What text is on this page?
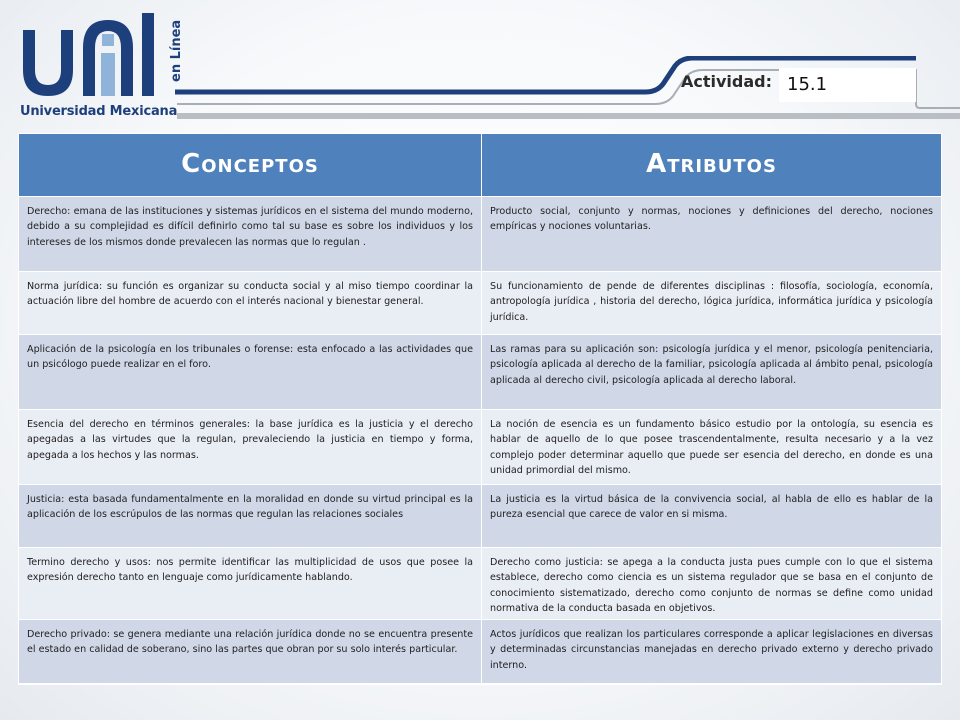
Universidad Mexicana
en Línea	Actividad: 15.1
Conceptos	Atributos
Derecho: emana de las instituciones y sistemas jurídicos en el sistema del mundo moderno, debido a su complejidad es difícil definirlo como tal su base es sobre los individuos y los intereses de los mismos donde prevalecen las normas que lo regulan .
Producto social, conjunto y normas, nociones y definiciones del derecho, nociones empíricas y nociones voluntarias.
Norma jurídica: su función es organizar su conducta social y al miso tiempo coordinar la actuación libre del hombre de acuerdo con el interés nacional y bienestar general.
Su funcionamiento de pende de diferentes disciplinas : filosofía, sociología, economía, antropología jurídica , historia del derecho, lógica jurídica, informática jurídica y psicología jurídica.
Aplicación de la psicología en los tribunales o forense: esta enfocado a las actividades que un psicólogo puede realizar en el foro.
Las ramas para su aplicación son: psicología jurídica y el menor, psicología penitenciaria, psicología aplicada al derecho de la familiar, psicología aplicada al ámbito penal, psicología aplicada al derecho civil, psicología aplicada al derecho laboral.
Esencia del derecho en términos generales: la base jurídica es la justicia y el derecho apegadas a las virtudes que la regulan, prevaleciendo la justicia en tiempo y forma, apegada a los hechos y las normas.
La noción de esencia es un fundamento básico estudio por la ontología, su esencia es hablar de aquello de lo que posee trascendentalmente, resulta necesario y a la vez complejo poder determinar aquello que puede ser esencia del derecho, en donde es una unidad primordial del mismo.
Justicia: esta basada fundamentalmente en la moralidad en donde su virtud principal es la aplicación de los escrúpulos de las normas que regulan las relaciones sociales
La justicia es la virtud básica de la convivencia social, al habla de ello es hablar de la pureza esencial que carece de valor en si misma.
Termino derecho y usos: nos permite identificar las multiplicidad de usos que posee la expresión derecho tanto en lenguaje como jurídicamente hablando.
Derecho como justicia: se apega a la conducta justa pues cumple con lo que el sistema establece, derecho como ciencia es un sistema regulador que se basa en el conjunto de conocimiento sistematizado, derecho como conjunto de normas se define como unidad normativa de la conducta basada en objetivos.
Derecho privado: se genera mediante una relación jurídica donde no se encuentra presente el estado en calidad de soberano, sino las partes que obran por su solo interés particular.
Actos jurídicos que realizan los particulares corresponde a aplicar legislaciones en diversas y determinadas circunstancias manejadas en derecho privado externo y derecho privado interno.
